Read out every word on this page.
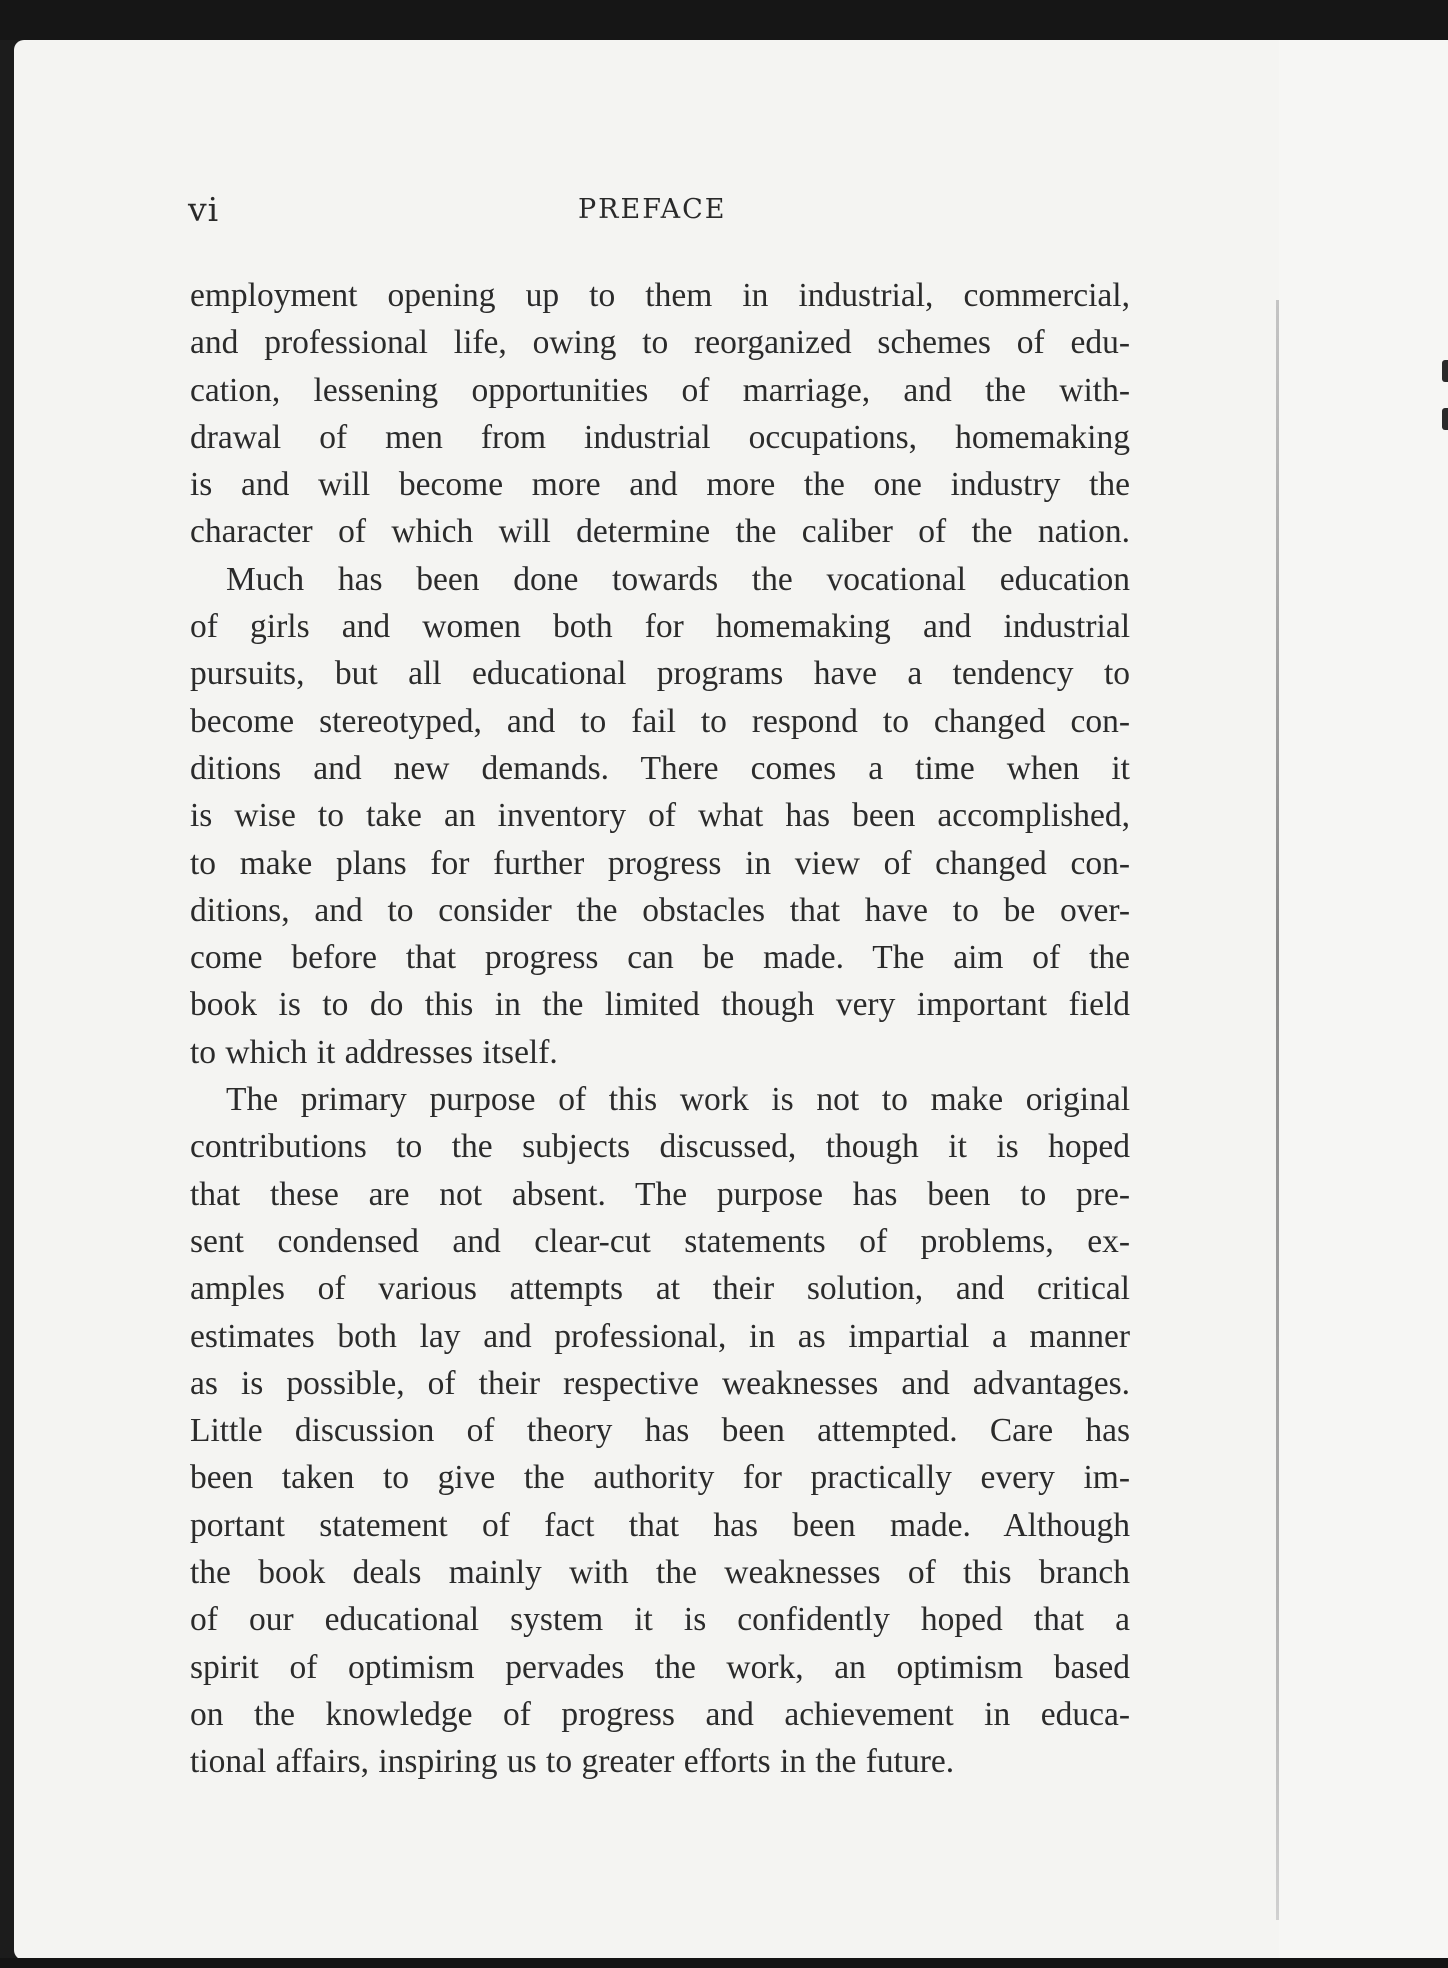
vi	PREFACE
employment opening up to them in industrial, commercial,
and professional life, owing to reorganized schemes of edu-
cation, lessening opportunities of marriage, and the with-
drawal of men from industrial occupations, homemaking
is and will become more and more the one industry the
character of which will determine the caliber of the nation.
Much has been done towards the vocational education
of girls and women both for homemaking and industrial
pursuits, but all educational programs have a tendency to
become stereotyped, and to fail to respond to changed con-
ditions and new demands. There comes a time when it
is wise to take an inventory of what has been accomplished,
to make plans for further progress in view of changed con-
ditions, and to consider the obstacles that have to be over-
come before that progress can be made. The aim of the
book is to do this in the limited though very important field
to which it addresses itself.
The primary purpose of this work is not to make original
contributions to the subjects discussed, though it is hoped
that these are not absent. The purpose has been to pre-
sent condensed and clear-cut statements of problems, ex-
amples of various attempts at their solution, and critical
estimates both lay and professional, in as impartial a manner
as is possible, of their respective weaknesses and advantages.
Little discussion of theory has been attempted. Care has
been taken to give the authority for practically every im-
portant statement of fact that has been made. Although
the book deals mainly with the weaknesses of this branch
of our educational system it is confidently hoped that a
spirit of optimism pervades the work, an optimism based
on the knowledge of progress and achievement in educa-
tional affairs, inspiring us to greater efforts in the future.
